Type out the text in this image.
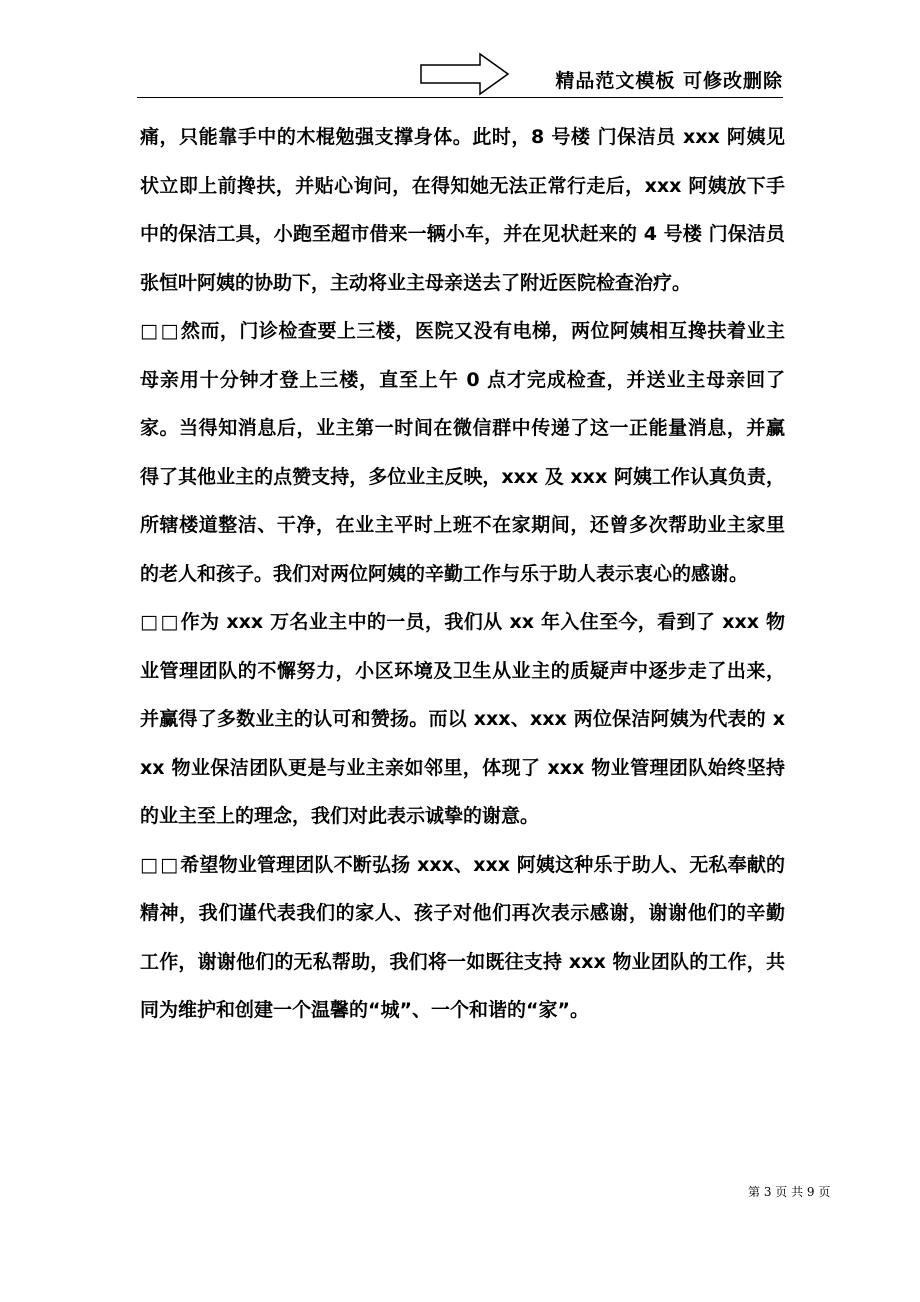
精品范文模板 可修改删除

痛，只能靠手中的木棍勉强支撑身体。此时，8 号楼 门保洁员 xxx 阿姨见状立即上前搀扶，并贴心询问，在得知她无法正常行走后，xxx 阿姨放下手中的保洁工具，小跑至超市借来一辆小车，并在见状赶来的 4 号楼 门保洁员张恒叶阿姨的协助下，主动将业主母亲送去了附近医院检查治疗。

□□然而，门诊检查要上三楼，医院又没有电梯，两位阿姨相互搀扶着业主母亲用十分钟才登上三楼，直至上午 0 点才完成检查，并送业主母亲回了家。当得知消息后，业主第一时间在微信群中传递了这一正能量消息，并赢得了其他业主的点赞支持，多位业主反映，xxx 及 xxx 阿姨工作认真负责，所辖楼道整洁、干净，在业主平时上班不在家期间，还曾多次帮助业主家里的老人和孩子。我们对两位阿姨的辛勤工作与乐于助人表示衷心的感谢。

□□作为 xxx 万名业主中的一员，我们从 xx 年入住至今，看到了 xxx 物业管理团队的不懈努力，小区环境及卫生从业主的质疑声中逐步走了出来，并赢得了多数业主的认可和赞扬。而以 xxx、xxx 两位保洁阿姨为代表的 xxx 物业保洁团队更是与业主亲如邻里，体现了 xxx 物业管理团队始终坚持的业主至上的理念，我们对此表示诚挚的谢意。

□□希望物业管理团队不断弘扬 xxx、xxx 阿姨这种乐于助人、无私奉献的精神，我们谨代表我们的家人、孩子对他们再次表示感谢，谢谢他们的辛勤工作，谢谢他们的无私帮助，我们将一如既往支持 xxx 物业团队的工作，共同为维护和创建一个温馨的“城”、一个和谐的“家”。

第 3 页 共 9 页
